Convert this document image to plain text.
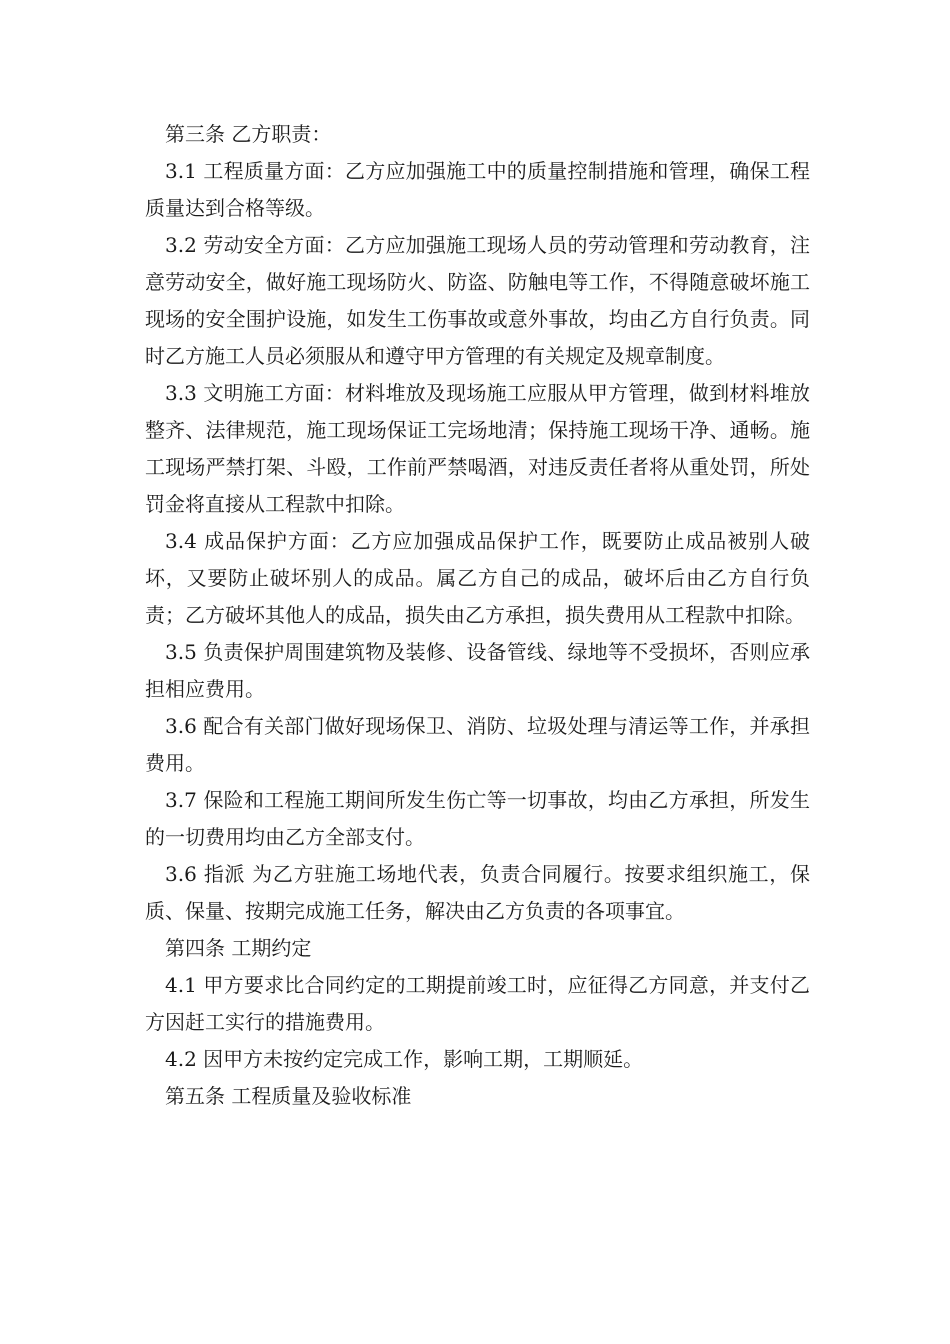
第三条 乙方职责：

3.1 工程质量方面：乙方应加强施工中的质量控制措施和管理，确保工程质量达到合格等级。

3.2 劳动安全方面：乙方应加强施工现场人员的劳动管理和劳动教育，注意劳动安全，做好施工现场防火、防盗、防触电等工作，不得随意破坏施工现场的安全围护设施，如发生工伤事故或意外事故，均由乙方自行负责。同时乙方施工人员必须服从和遵守甲方管理的有关规定及规章制度。

3.3 文明施工方面：材料堆放及现场施工应服从甲方管理，做到材料堆放整齐、法律规范，施工现场保证工完场地清；保持施工现场干净、通畅。施工现场严禁打架、斗殴，工作前严禁喝酒，对违反责任者将从重处罚，所处罚金将直接从工程款中扣除。

3.4 成品保护方面：乙方应加强成品保护工作，既要防止成品被别人破坏，又要防止破坏别人的成品。属乙方自己的成品，破坏后由乙方自行负责；乙方破坏其他人的成品，损失由乙方承担，损失费用从工程款中扣除。

3.5 负责保护周围建筑物及装修、设备管线、绿地等不受损坏，否则应承担相应费用。

3.6 配合有关部门做好现场保卫、消防、垃圾处理与清运等工作，并承担费用。

3.7 保险和工程施工期间所发生伤亡等一切事故，均由乙方承担，所发生的一切费用均由乙方全部支付。

3.6 指派 为乙方驻施工场地代表，负责合同履行。按要求组织施工，保质、保量、按期完成施工任务，解决由乙方负责的各项事宜。

第四条 工期约定

4.1 甲方要求比合同约定的工期提前竣工时，应征得乙方同意，并支付乙方因赶工实行的措施费用。

4.2 因甲方未按约定完成工作，影响工期，工期顺延。

第五条 工程质量及验收标准
